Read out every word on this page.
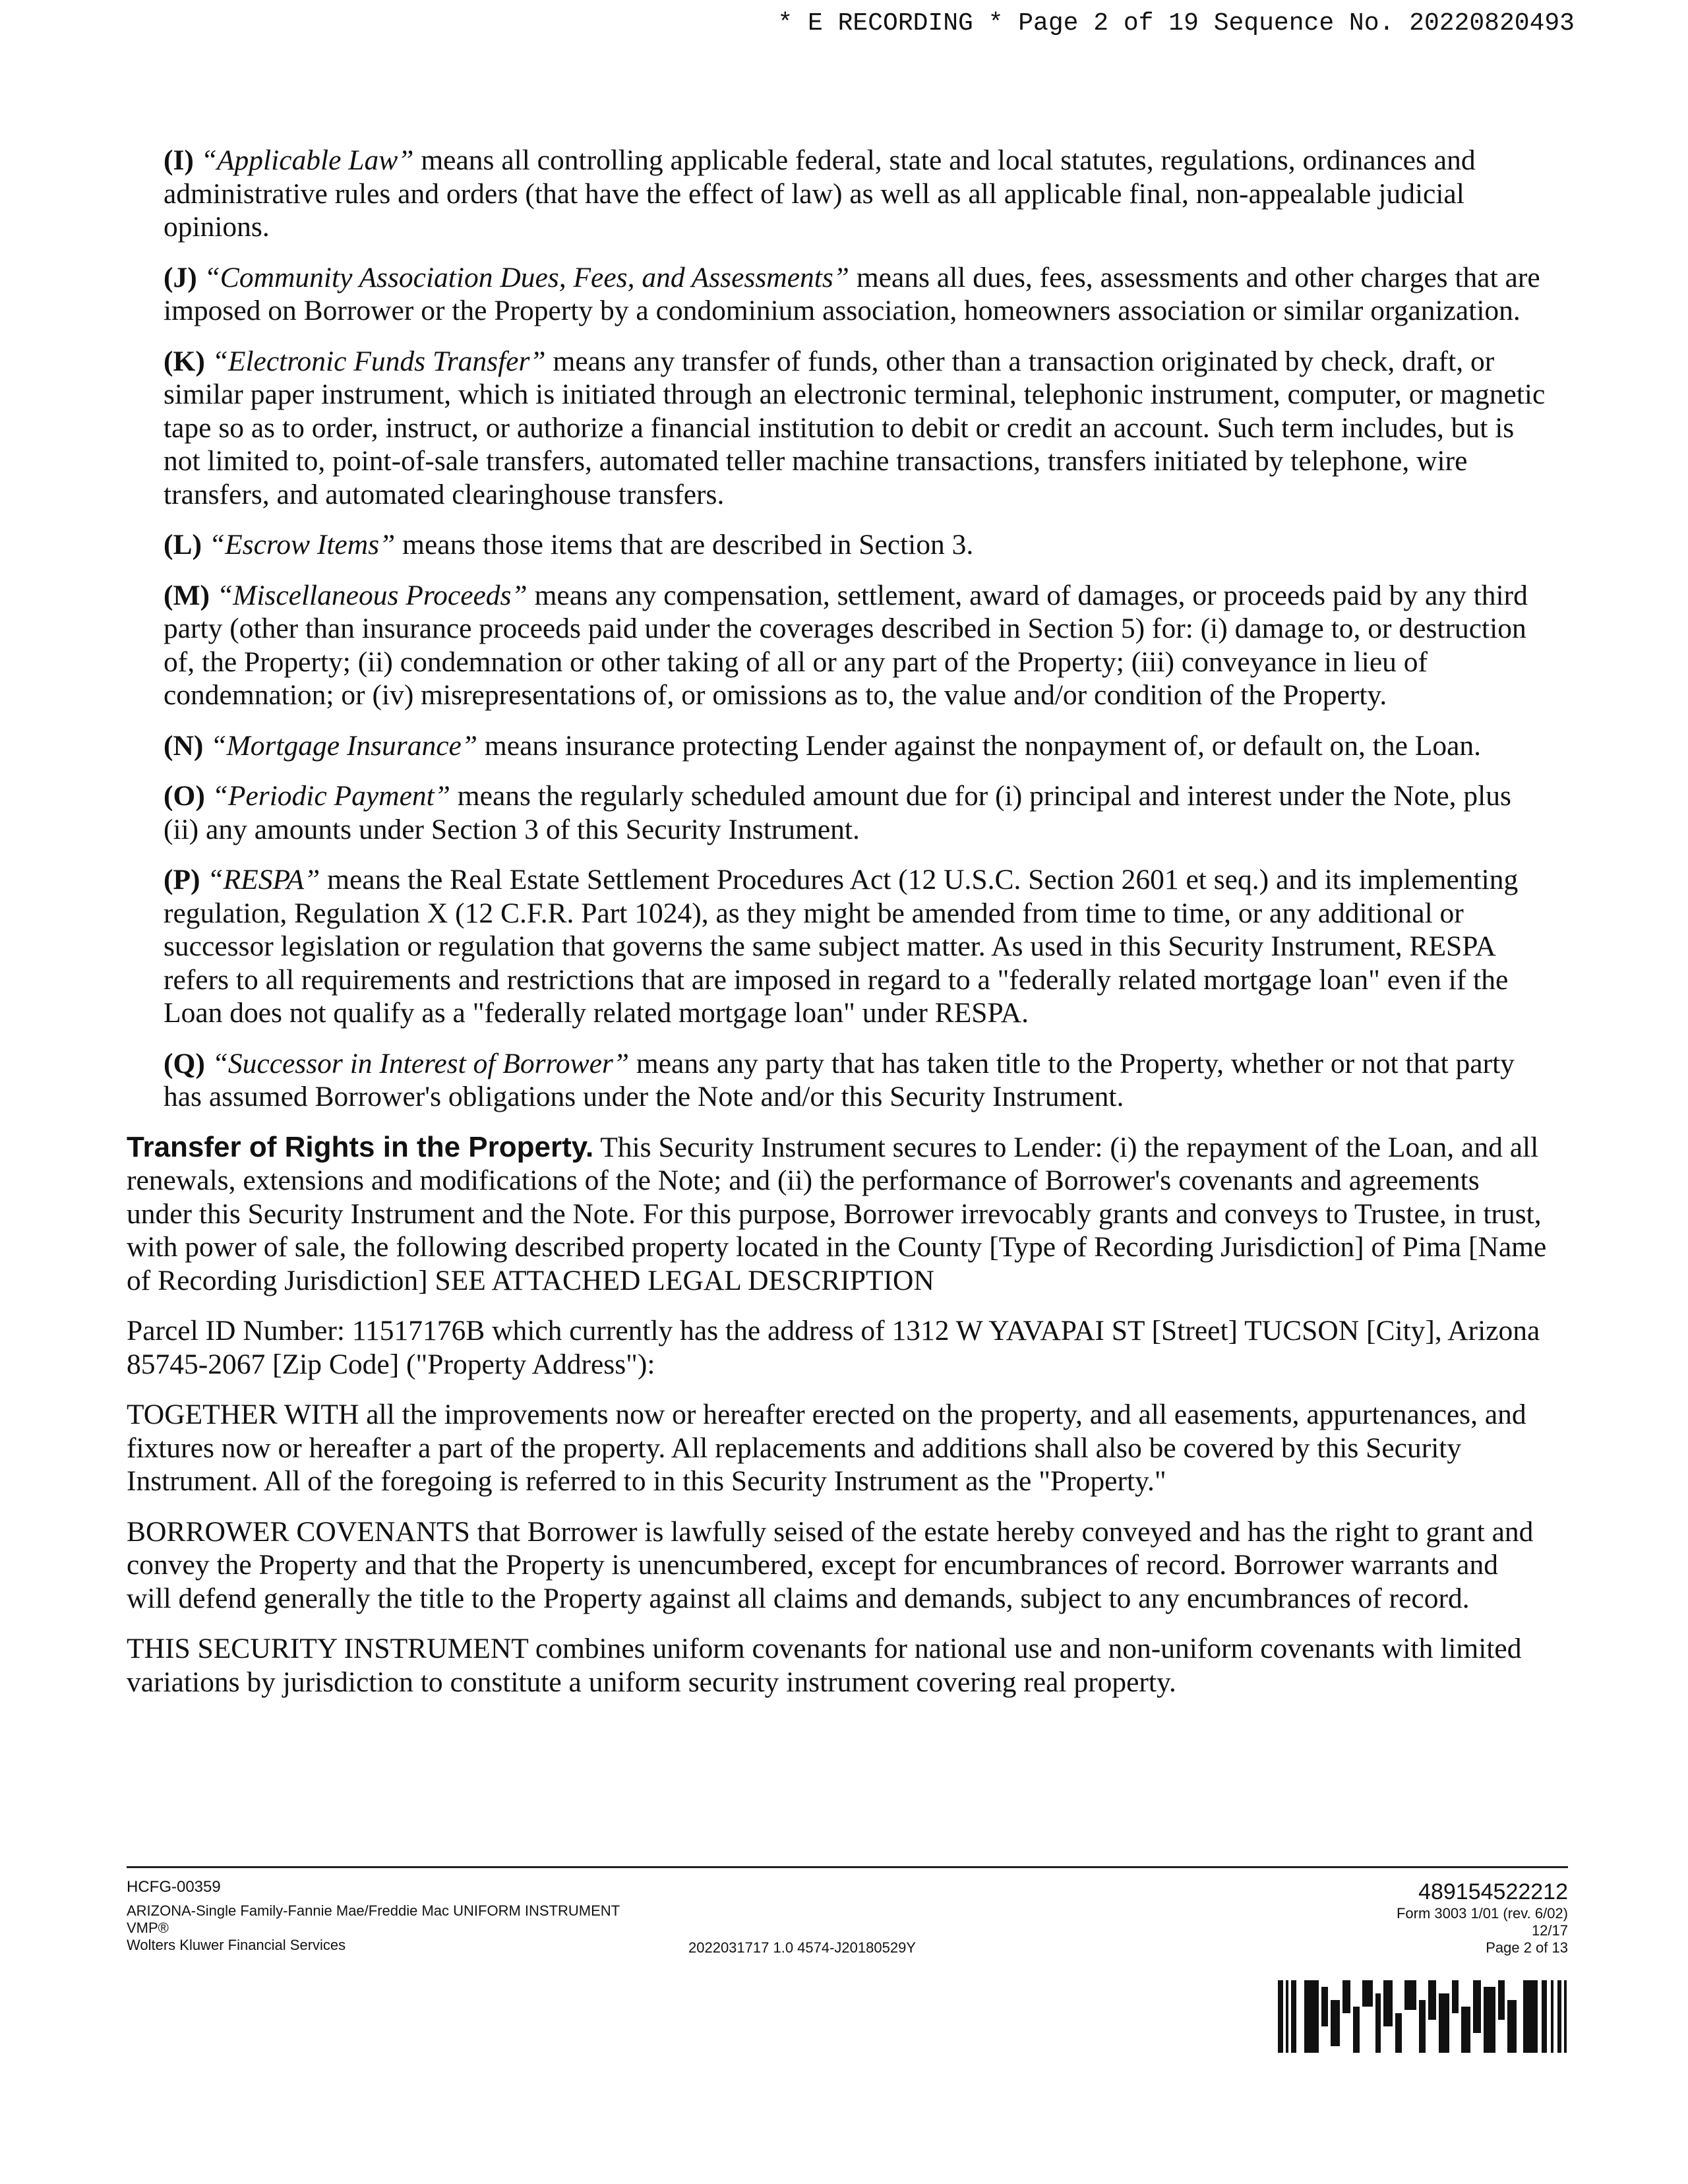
* E RECORDING * Page 2 of 19 Sequence No. 20220820493

(I) “Applicable Law” means all controlling applicable federal, state and local statutes, regulations, ordinances and administrative rules and orders (that have the effect of law) as well as all applicable final, non-appealable judicial opinions.

(J) “Community Association Dues, Fees, and Assessments” means all dues, fees, assessments and other charges that are imposed on Borrower or the Property by a condominium association, homeowners association or similar organization.

(K) “Electronic Funds Transfer” means any transfer of funds, other than a transaction originated by check, draft, or similar paper instrument, which is initiated through an electronic terminal, telephonic instrument, computer, or magnetic tape so as to order, instruct, or authorize a financial institution to debit or credit an account. Such term includes, but is not limited to, point-of-sale transfers, automated teller machine transactions, transfers initiated by telephone, wire transfers, and automated clearinghouse transfers.

(L) “Escrow Items” means those items that are described in Section 3.

(M) “Miscellaneous Proceeds” means any compensation, settlement, award of damages, or proceeds paid by any third party (other than insurance proceeds paid under the coverages described in Section 5) for: (i) damage to, or destruction of, the Property; (ii) condemnation or other taking of all or any part of the Property; (iii) conveyance in lieu of condemnation; or (iv) misrepresentations of, or omissions as to, the value and/or condition of the Property.

(N) “Mortgage Insurance” means insurance protecting Lender against the nonpayment of, or default on, the Loan.

(O) “Periodic Payment” means the regularly scheduled amount due for (i) principal and interest under the Note, plus (ii) any amounts under Section 3 of this Security Instrument.

(P) “RESPA” means the Real Estate Settlement Procedures Act (12 U.S.C. Section 2601 et seq.) and its implementing regulation, Regulation X (12 C.F.R. Part 1024), as they might be amended from time to time, or any additional or successor legislation or regulation that governs the same subject matter. As used in this Security Instrument, RESPA refers to all requirements and restrictions that are imposed in regard to a "federally related mortgage loan" even if the Loan does not qualify as a "federally related mortgage loan" under RESPA.

(Q) “Successor in Interest of Borrower” means any party that has taken title to the Property, whether or not that party has assumed Borrower's obligations under the Note and/or this Security Instrument.

Transfer of Rights in the Property. This Security Instrument secures to Lender: (i) the repayment of the Loan, and all renewals, extensions and modifications of the Note; and (ii) the performance of Borrower's covenants and agreements under this Security Instrument and the Note. For this purpose, Borrower irrevocably grants and conveys to Trustee, in trust, with power of sale, the following described property located in the County [Type of Recording Jurisdiction] of Pima [Name of Recording Jurisdiction] SEE ATTACHED LEGAL DESCRIPTION

Parcel ID Number: 11517176B which currently has the address of 1312 W YAVAPAI ST [Street] TUCSON [City], Arizona 85745-2067 [Zip Code] ("Property Address"):

TOGETHER WITH all the improvements now or hereafter erected on the property, and all easements, appurtenances, and fixtures now or hereafter a part of the property. All replacements and additions shall also be covered by this Security Instrument. All of the foregoing is referred to in this Security Instrument as the "Property."

BORROWER COVENANTS that Borrower is lawfully seised of the estate hereby conveyed and has the right to grant and convey the Property and that the Property is unencumbered, except for encumbrances of record. Borrower warrants and will defend generally the title to the Property against all claims and demands, subject to any encumbrances of record.

THIS SECURITY INSTRUMENT combines uniform covenants for national use and non-uniform covenants with limited variations by jurisdiction to constitute a uniform security instrument covering real property.

HCFG-00359
ARIZONA-Single Family-Fannie Mae/Freddie Mac UNIFORM INSTRUMENT
VMP®
Wolters Kluwer Financial Services	2022031717 1.0 4574-J20180529Y
489154522212
Form 3003 1/01 (rev. 6/02)
12/17
Page 2 of 13
